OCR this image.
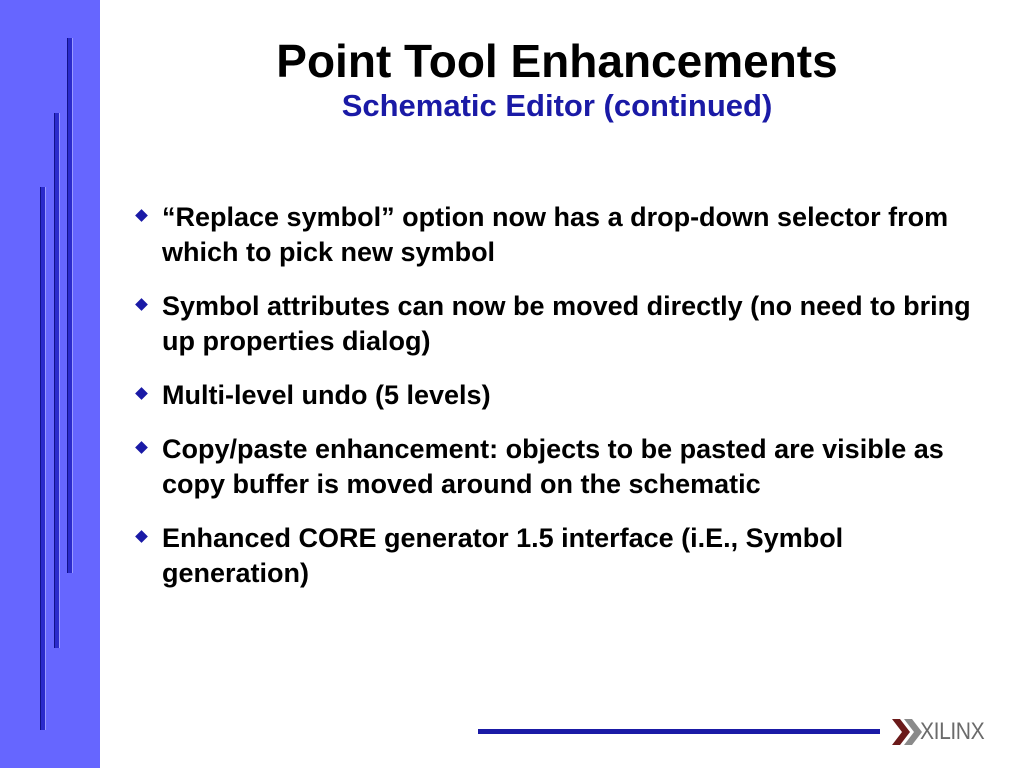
Point Tool Enhancements
Schematic Editor (continued)
“Replace symbol” option now has a drop-down selector from which to pick new symbol
Symbol attributes can now be moved directly (no need to bring up properties dialog)
Multi-level undo (5 levels)
Copy/paste enhancement: objects to be pasted are visible as copy buffer is moved around on the schematic
Enhanced CORE generator 1.5 interface (i.E., Symbol generation)
XILINX
